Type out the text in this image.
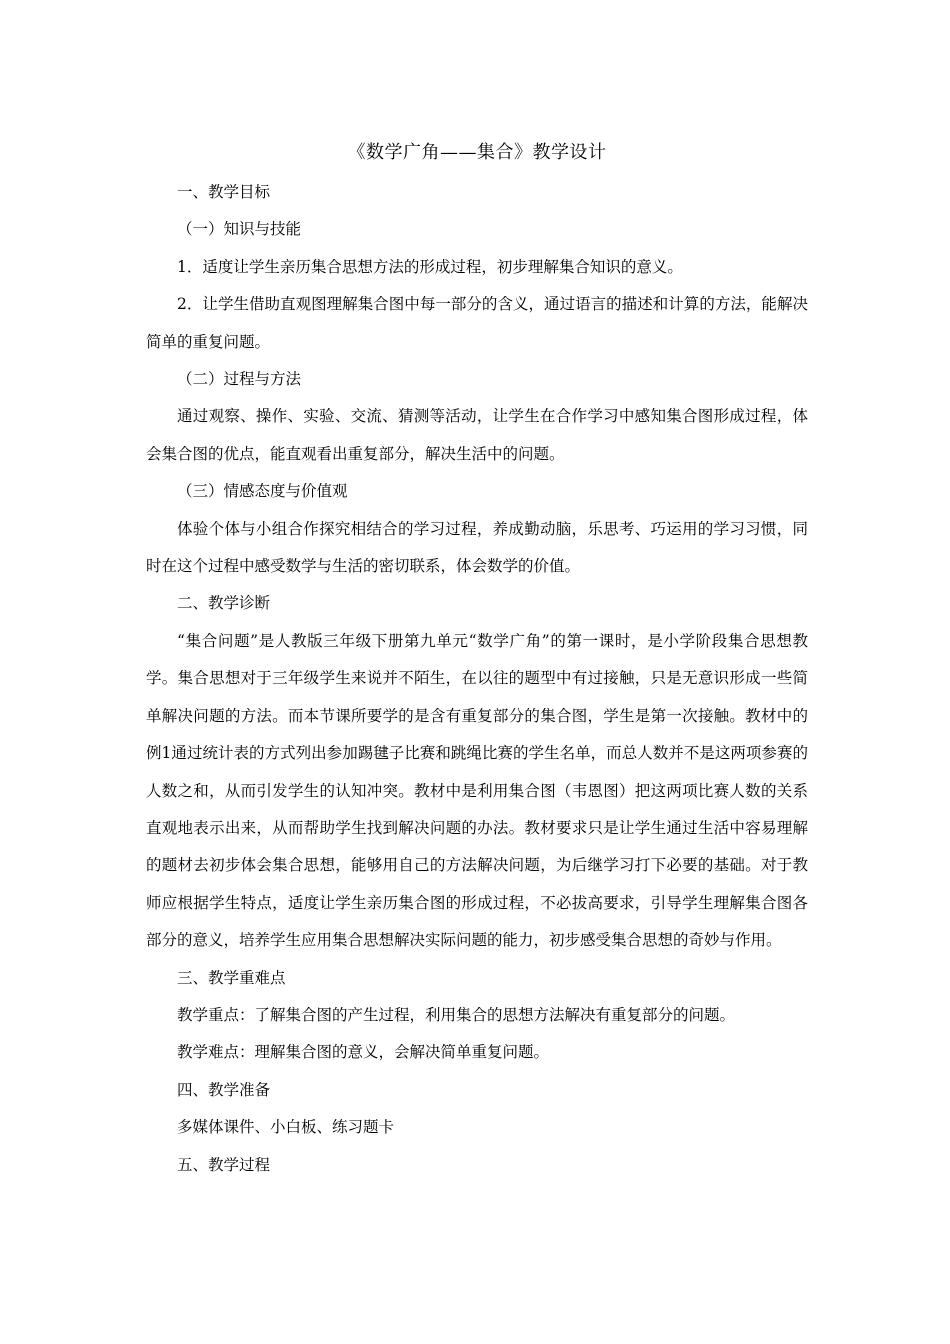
《数学广角——集合》教学设计

一、教学目标

（一）知识与技能

1．适度让学生亲历集合思想方法的形成过程，初步理解集合知识的意义。

2．让学生借助直观图理解集合图中每一部分的含义，通过语言的描述和计算的方法，能解决简单的重复问题。

（二）过程与方法

通过观察、操作、实验、交流、猜测等活动，让学生在合作学习中感知集合图形成过程，体会集合图的优点，能直观看出重复部分，解决生活中的问题。

（三）情感态度与价值观

体验个体与小组合作探究相结合的学习过程，养成勤动脑，乐思考、巧运用的学习习惯，同时在这个过程中感受数学与生活的密切联系，体会数学的价值。

二、教学诊断

“集合问题”是人教版三年级下册第九单元“数学广角”的第一课时，是小学阶段集合思想教学。集合思想对于三年级学生来说并不陌生，在以往的题型中有过接触，只是无意识形成一些简单解决问题的方法。而本节课所要学的是含有重复部分的集合图，学生是第一次接触。教材中的例1通过统计表的方式列出参加踢毽子比赛和跳绳比赛的学生名单，而总人数并不是这两项参赛的人数之和，从而引发学生的认知冲突。教材中是利用集合图（韦恩图）把这两项比赛人数的关系直观地表示出来，从而帮助学生找到解决问题的办法。教材要求只是让学生通过生活中容易理解的题材去初步体会集合思想，能够用自己的方法解决问题，为后继学习打下必要的基础。对于教师应根据学生特点，适度让学生亲历集合图的形成过程，不必拔高要求，引导学生理解集合图各部分的意义，培养学生应用集合思想解决实际问题的能力，初步感受集合思想的奇妙与作用。

三、教学重难点

教学重点：了解集合图的产生过程，利用集合的思想方法解决有重复部分的问题。

教学难点：理解集合图的意义，会解决简单重复问题。

四、教学准备

多媒体课件、小白板、练习题卡

五、教学过程
